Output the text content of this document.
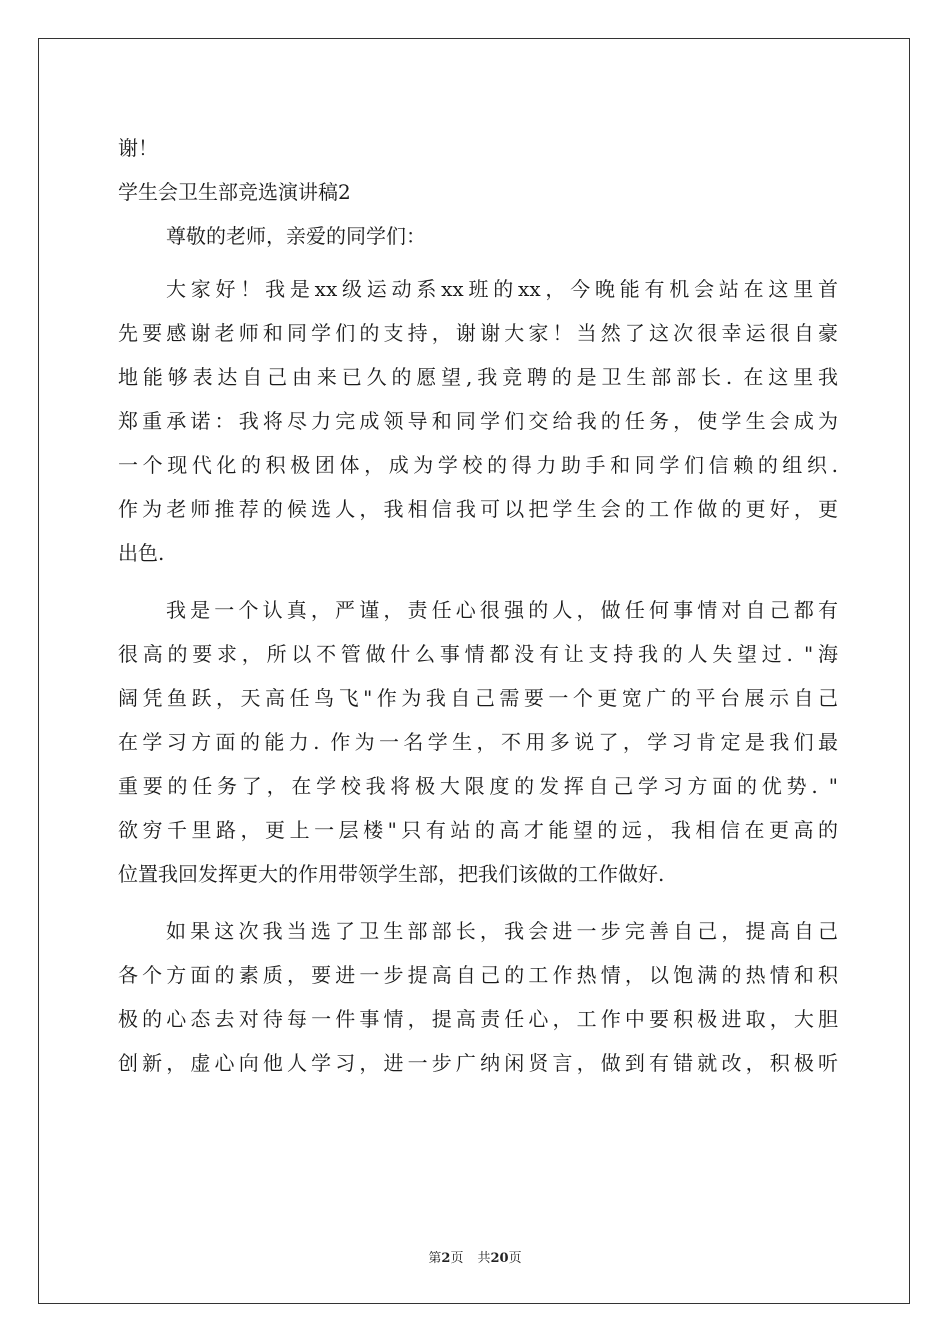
谢！
学生会卫生部竞选演讲稿2
尊敬的老师，亲爱的同学们：
大家好！我是xx级运动系xx班的xx，今晚能有机会站在这里首
先要感谢老师和同学们的支持，谢谢大家！当然了这次很幸运很自豪
地能够表达自己由来已久的愿望,我竞聘的是卫生部部长. 在这里我
郑重承诺：我将尽力完成领导和同学们交给我的任务，使学生会成为
一个现代化的积极团体，成为学校的得力助手和同学们信赖的组织.
作为老师推荐的候选人，我相信我可以把学生会的工作做的更好，更
出色.
我是一个认真，严谨，责任心很强的人，做任何事情对自己都有
很高的要求，所以不管做什么事情都没有让支持我的人失望过. "海
阔凭鱼跃，天高任鸟飞"作为我自己需要一个更宽广的平台展示自己
在学习方面的能力. 作为一名学生，不用多说了，学习肯定是我们最
重要的任务了，在学校我将极大限度的发挥自己学习方面的优势. "
欲穷千里路，更上一层楼"只有站的高才能望的远，我相信在更高的
位置我回发挥更大的作用带领学生部，把我们该做的工作做好.
如果这次我当选了卫生部部长，我会进一步完善自己，提高自己
各个方面的素质，要进一步提高自己的工作热情，以饱满的热情和积
极的心态去对待每一件事情，提高责任心，工作中要积极进取，大胆
创新，虚心向他人学习，进一步广纳闲贤言，做到有错就改，积极听
第2页 共20页
